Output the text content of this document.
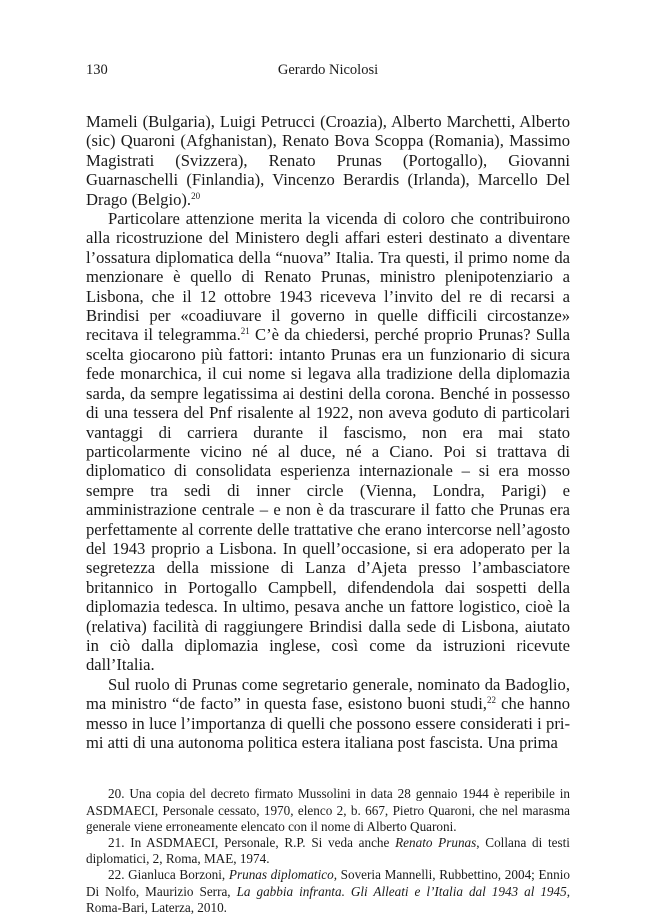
130	Gerardo Nicolosi

Mameli (Bulgaria), Luigi Petrucci (Croazia), Alberto Marchetti, Alberto (sic) Quaroni (Afghanistan), Renato Bova Scoppa (Romania), Massimo Magistrati (Svizzera), Renato Prunas (Portogallo), Giovanni Guarnaschelli (Finlandia), Vincenzo Berardis (Irlanda), Marcello Del Drago (Belgio).$^{20}$

Particolare attenzione merita la vicenda di coloro che contribuirono alla ricostruzione del Ministero degli affari esteri destinato a diventare l’ossatura diplomatica della “nuova” Italia. Tra questi, il primo nome da menzionare è quello di Renato Prunas, ministro plenipotenziario a Lisbona, che il 12 ottobre 1943 riceveva l’invito del re di recarsi a Brindisi per «coadiuvare il governo in quelle difficili circostanze» recitava il telegramma.$^{21}$ C’è da chiedersi, perché proprio Prunas? Sulla scelta giocarono più fattori: intanto Prunas era un funzionario di sicura fede monarchica, il cui nome si legava alla tradizione della diplomazia sarda, da sempre legatissima ai destini della corona. Benché in possesso di una tessera del Pnf risalente al 1922, non aveva goduto di particolari vantaggi di carriera durante il fascismo, non era mai stato particolarmente vicino né al duce, né a Ciano. Poi si trattava di diplomatico di consolidata esperienza internazionale – si era mosso sempre tra sedi di inner circle (Vienna, Londra, Parigi) e amministrazione centrale – e non è da trascurare il fatto che Prunas era perfettamente al corrente delle trattative che erano intercorse nell’agosto del 1943 proprio a Lisbona. In quell’occasione, si era adoperato per la segretezza della missione di Lanza d’Ajeta presso l’ambasciatore britannico in Portogallo Campbell, difendendola dai sospetti della diplomazia tedesca. In ultimo, pesava anche un fattore logistico, cioè la (relativa) facilità di raggiungere Brindisi dalla sede di Lisbona, aiutato in ciò dalla diplomazia inglese, così come da istruzioni ricevute dall’Italia.

Sul ruolo di Prunas come segretario generale, nominato da Badoglio, ma ministro “de facto” in questa fase, esistono buoni studi,$^{22}$ che hanno messo in luce l’importanza di quelli che possono essere considerati i primi atti di una autonoma politica estera italiana post fascista. Una prima

20. Una copia del decreto firmato Mussolini in data 28 gennaio 1944 è reperibile in ASDMAECI, Personale cessato, 1970, elenco 2, b. 667, Pietro Quaroni, che nel marasma generale viene erroneamente elencato con il nome di Alberto Quaroni.

21. In ASDMAECI, Personale, R.P. Si veda anche Renato Prunas, Collana di testi diplomatici, 2, Roma, MAE, 1974.

22. Gianluca Borzoni, Prunas diplomatico, Soveria Mannelli, Rubbettino, 2004; Ennio Di Nolfo, Maurizio Serra, La gabbia infranta. Gli Alleati e l’Italia dal 1943 al 1945, Roma-Bari, Laterza, 2010.
